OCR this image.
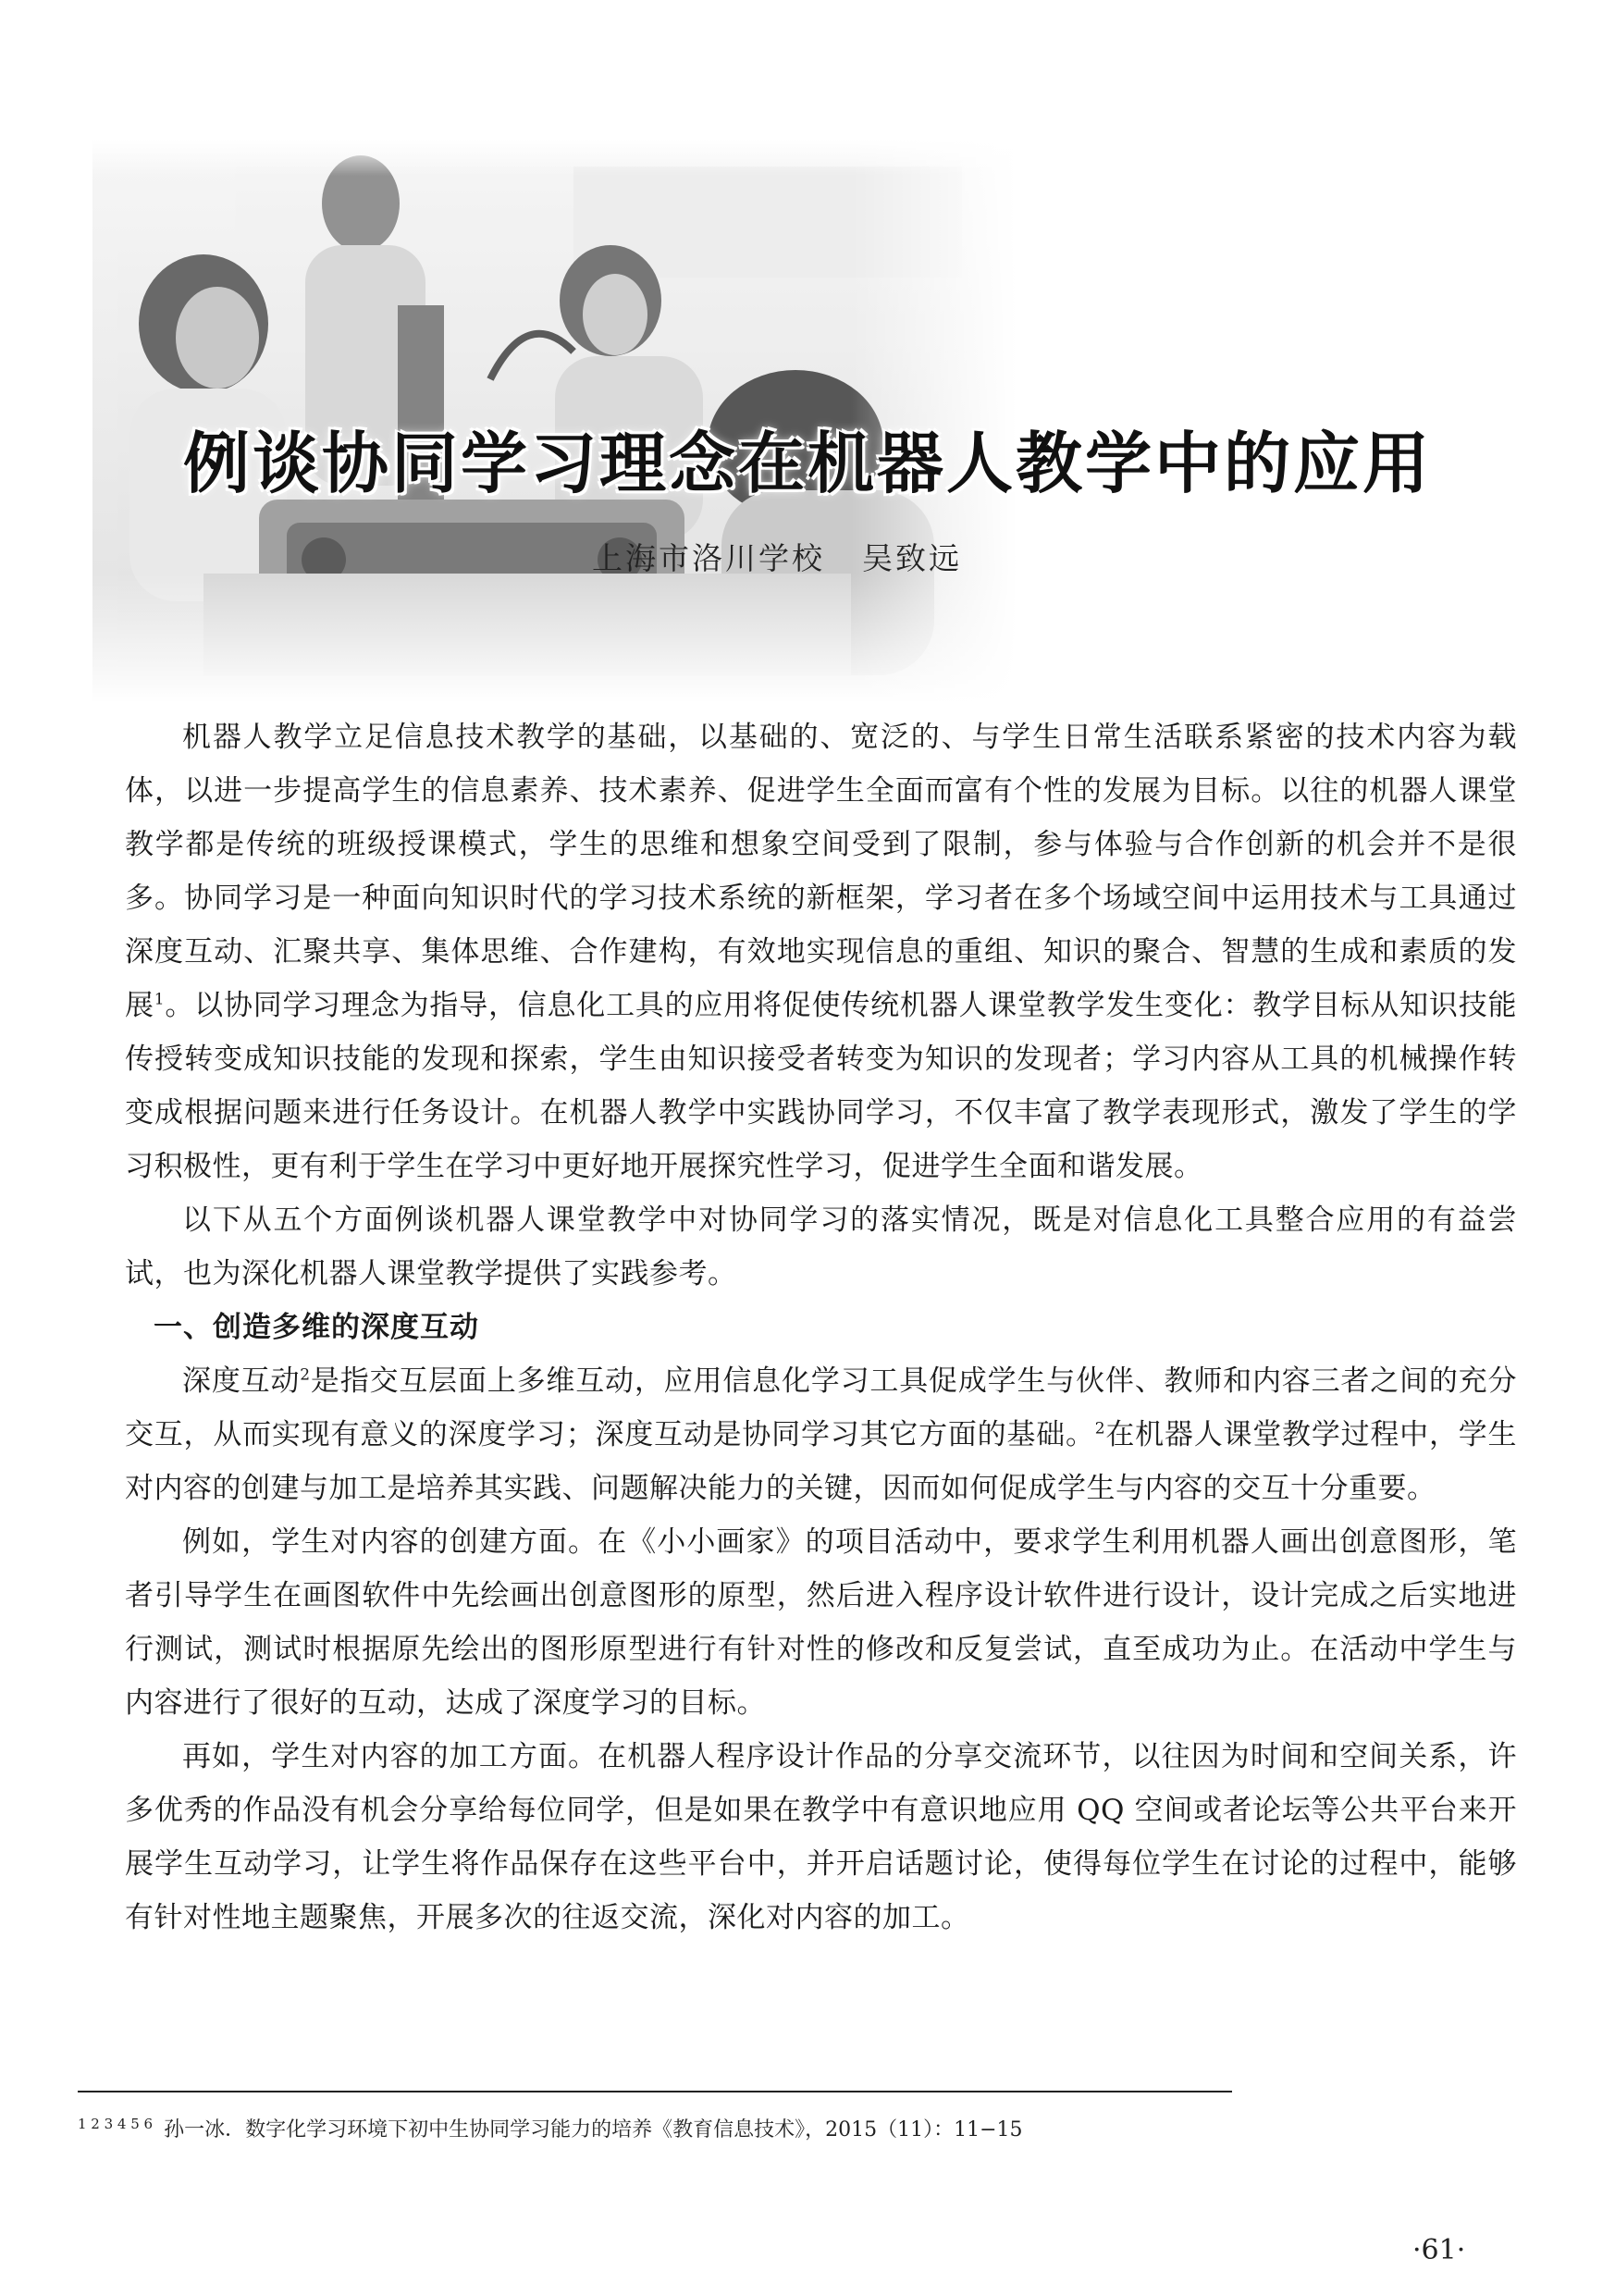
例谈协同学习理念在机器人教学中的应用
上海市洛川学校 吴致远

机器人教学立足信息技术教学的基础，以基础的、宽泛的、与学生日常生活联系紧密的技术内容为载体，以进一步提高学生的信息素养、技术素养、促进学生全面而富有个性的发展为目标。以往的机器人课堂教学都是传统的班级授课模式，学生的思维和想象空间受到了限制，参与体验与合作创新的机会并不是很多。协同学习是一种面向知识时代的学习技术系统的新框架，学习者在多个场域空间中运用技术与工具通过深度互动、汇聚共享、集体思维、合作建构，有效地实现信息的重组、知识的聚合、智慧的生成和素质的发展$^1$。以协同学习理念为指导，信息化工具的应用将促使传统机器人课堂教学发生变化：教学目标从知识技能传授转变成知识技能的发现和探索，学生由知识接受者转变为知识的发现者；学习内容从工具的机械操作转变成根据问题来进行任务设计。在机器人教学中实践协同学习，不仅丰富了教学表现形式，激发了学生的学习积极性，更有利于学生在学习中更好地开展探究性学习，促进学生全面和谐发展。

以下从五个方面例谈机器人课堂教学中对协同学习的落实情况，既是对信息化工具整合应用的有益尝试，也为深化机器人课堂教学提供了实践参考。

一、创造多维的深度互动

深度互动$^2$是指交互层面上多维互动，应用信息化学习工具促成学生与伙伴、教师和内容三者之间的充分交互，从而实现有意义的深度学习；深度互动是协同学习其它方面的基础。$^2$在机器人课堂教学过程中，学生对内容的创建与加工是培养其实践、问题解决能力的关键，因而如何促成学生与内容的交互十分重要。

例如，学生对内容的创建方面。在《小小画家》的项目活动中，要求学生利用机器人画出创意图形，笔者引导学生在画图软件中先绘画出创意图形的原型，然后进入程序设计软件进行设计，设计完成之后实地进行测试，测试时根据原先绘出的图形原型进行有针对性的修改和反复尝试，直至成功为止。在活动中学生与内容进行了很好的互动，达成了深度学习的目标。

再如，学生对内容的加工方面。在机器人程序设计作品的分享交流环节，以往因为时间和空间关系，许多优秀的作品没有机会分享给每位同学，但是如果在教学中有意识地应用 QQ 空间或者论坛等公共平台来开展学生互动学习，让学生将作品保存在这些平台中，并开启话题讨论，使得每位学生在讨论的过程中，能够有针对性地主题聚焦，开展多次的往返交流，深化对内容的加工。

$^{1 2 3 4 5 6}$ 孙一冰．数字化学习环境下初中生协同学习能力的培养《教育信息技术》，2015（11）：11−15
·61·
